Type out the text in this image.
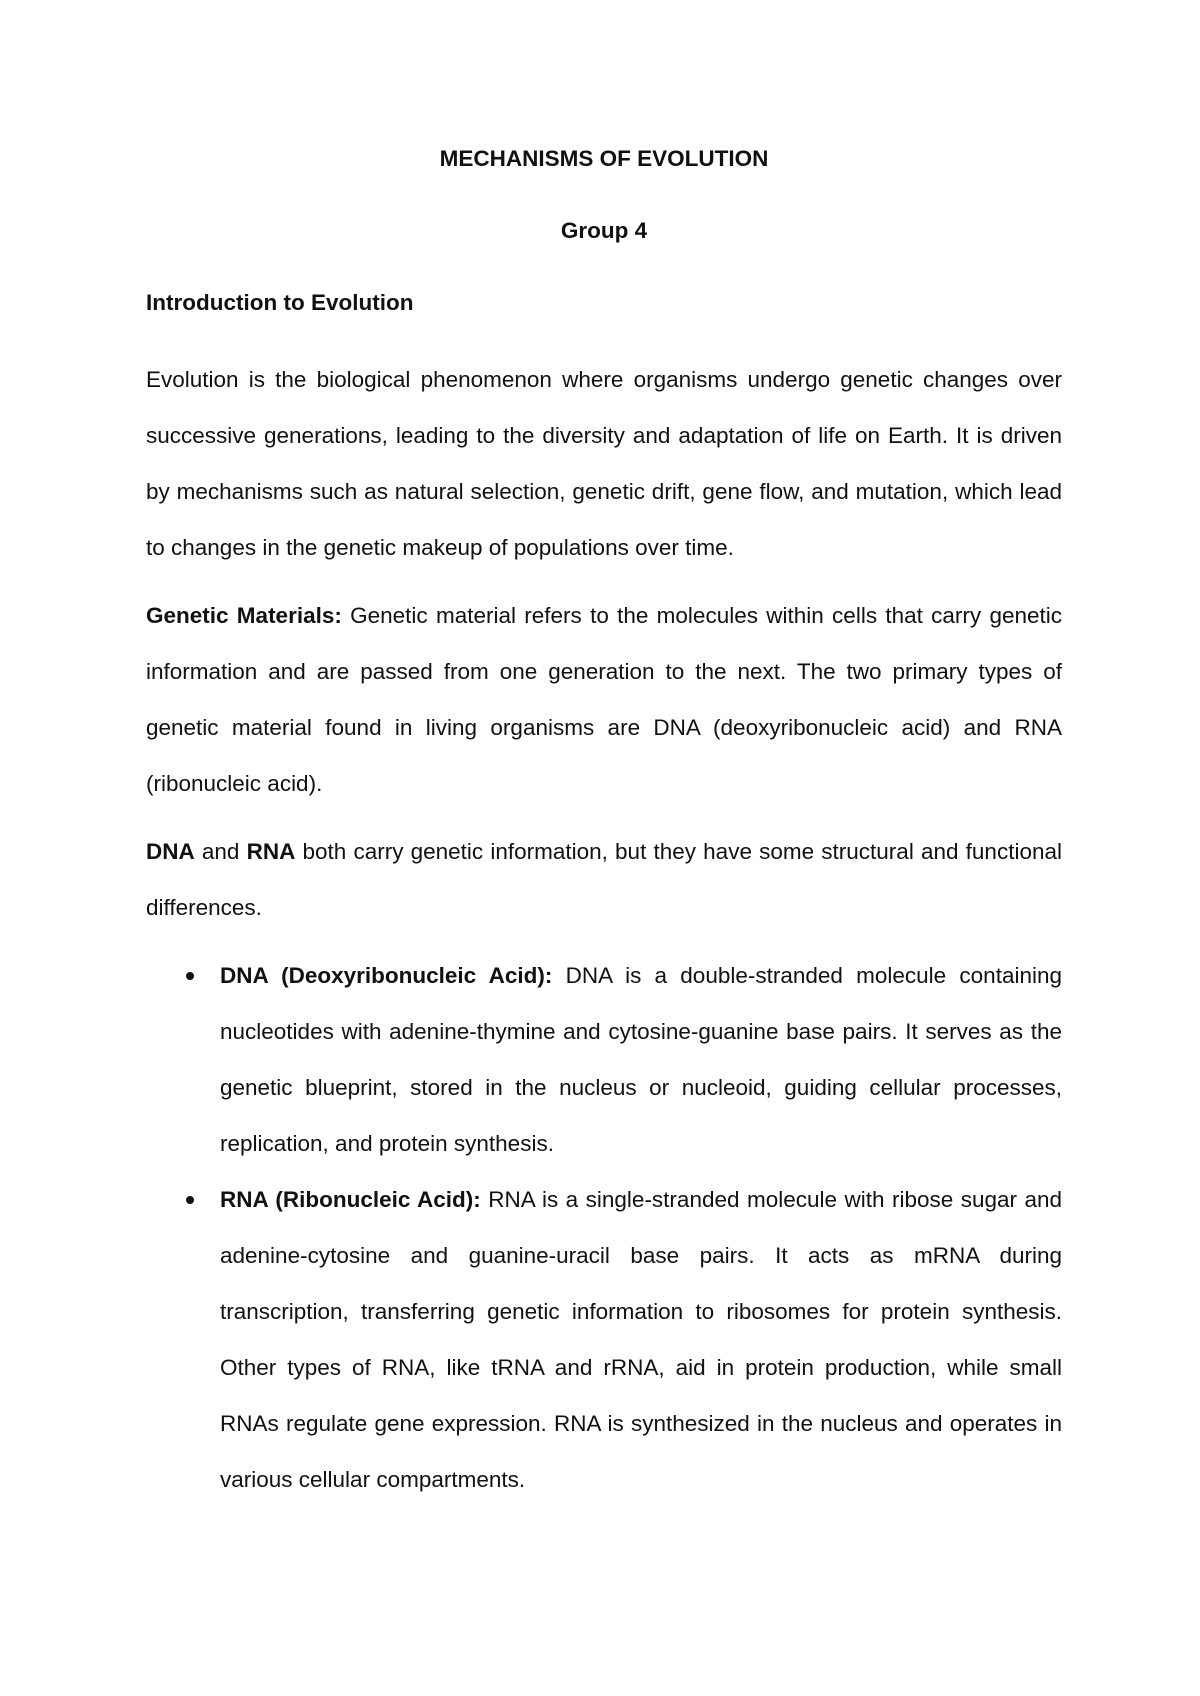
MECHANISMS OF EVOLUTION
Group 4
Introduction to Evolution

Evolution is the biological phenomenon where organisms undergo genetic changes over successive generations, leading to the diversity and adaptation of life on Earth. It is driven by mechanisms such as natural selection, genetic drift, gene flow, and mutation, which lead to changes in the genetic makeup of populations over time.

Genetic Materials: Genetic material refers to the molecules within cells that carry genetic information and are passed from one generation to the next. The two primary types of genetic material found in living organisms are DNA (deoxyribonucleic acid) and RNA (ribonucleic acid).

DNA and RNA both carry genetic information, but they have some structural and functional differences.

DNA (Deoxyribonucleic Acid): DNA is a double-stranded molecule containing nucleotides with adenine-thymine and cytosine-guanine base pairs. It serves as the genetic blueprint, stored in the nucleus or nucleoid, guiding cellular processes, replication, and protein synthesis.
RNA (Ribonucleic Acid): RNA is a single-stranded molecule with ribose sugar and adenine-cytosine and guanine-uracil base pairs. It acts as mRNA during transcription, transferring genetic information to ribosomes for protein synthesis. Other types of RNA, like tRNA and rRNA, aid in protein production, while small RNAs regulate gene expression. RNA is synthesized in the nucleus and operates in various cellular compartments.
